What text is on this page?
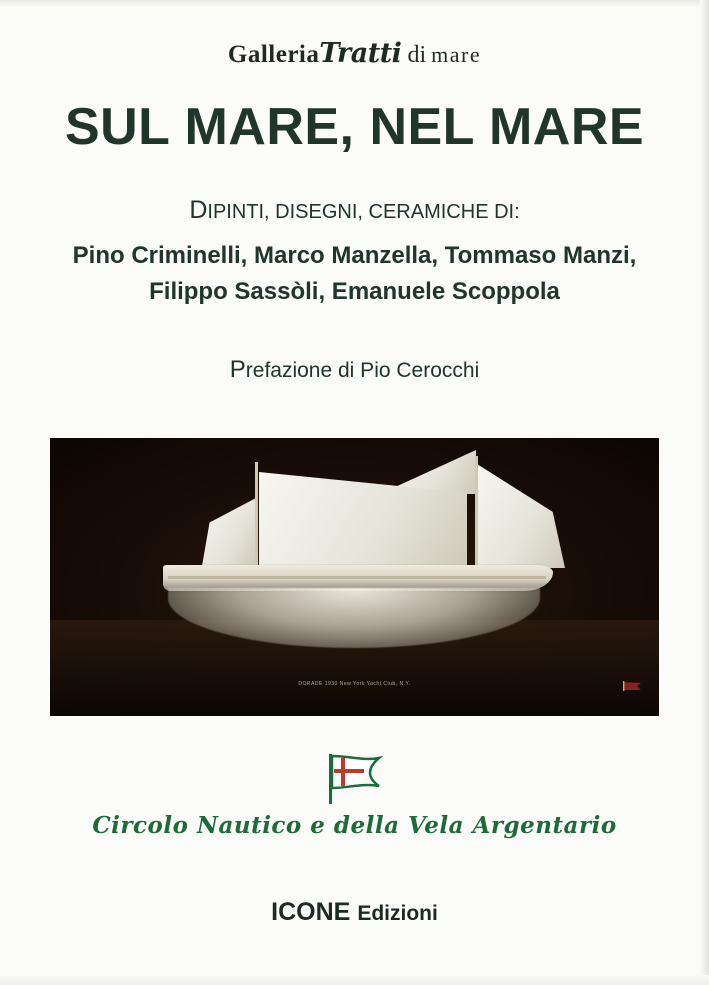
GalleriaTratti di mare
SUL MARE, NEL MARE
DIPINTI, DISEGNI, CERAMICHE DI:
Pino Criminelli, Marco Manzella, Tommaso Manzi,
Filippo Sassòli, Emanuele Scoppola
Prefazione di Pio Cerocchi
DORADE 1930 New York Yacht Club, N.Y.
Circolo Nautico e della Vela Argentario
ICONE Edizioni
